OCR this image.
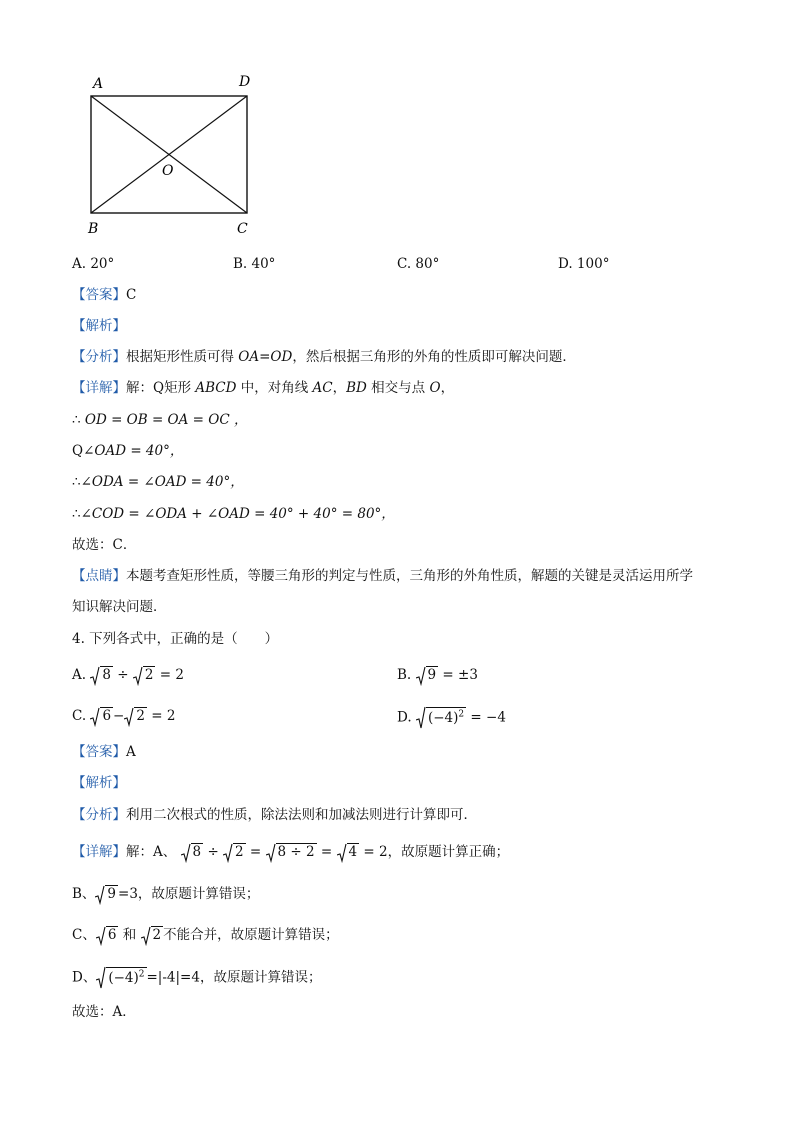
A	D
O
B	C
A. 20°	B. 40°	C. 80°	D. 100°
【答案】C
【解析】
【分析】根据矩形性质可得 OA=OD，然后根据三角形的外角的性质即可解决问题．
【详解】解：Q矩形 ABCD 中，对角线 AC，BD 相交与点 O，
∴ OD = OB = OA = OC ，
Q∠OAD = 40°，
∴∠ODA = ∠OAD = 40°，
∴∠COD = ∠ODA + ∠OAD = 40° + 40° = 80°，
故选：C．
【点睛】本题考查矩形性质，等腰三角形的判定与性质，三角形的外角性质，解题的关键是灵活运用所学
知识解决问题．
4. 下列各式中，正确的是（　　）
A. 8 ÷ 2 = 2	B. 9 = ±3
C. 6 − 2 = 2	D. $(-4)^2 = -4$
【答案】A
【解析】
【分析】利用二次根式的性质，除法法则和加减法则进行计算即可．
【详解】解：A、 8 ÷ 2 = 8 ÷ 2 = 4 = 2，故原题计算正确；
B、 9 =3，故原题计算错误；
C、 6 和 2 不能合并，故原题计算错误；
D、 $(-4)^2 =|-4|=4$，故原题计算错误；
故选：A．
